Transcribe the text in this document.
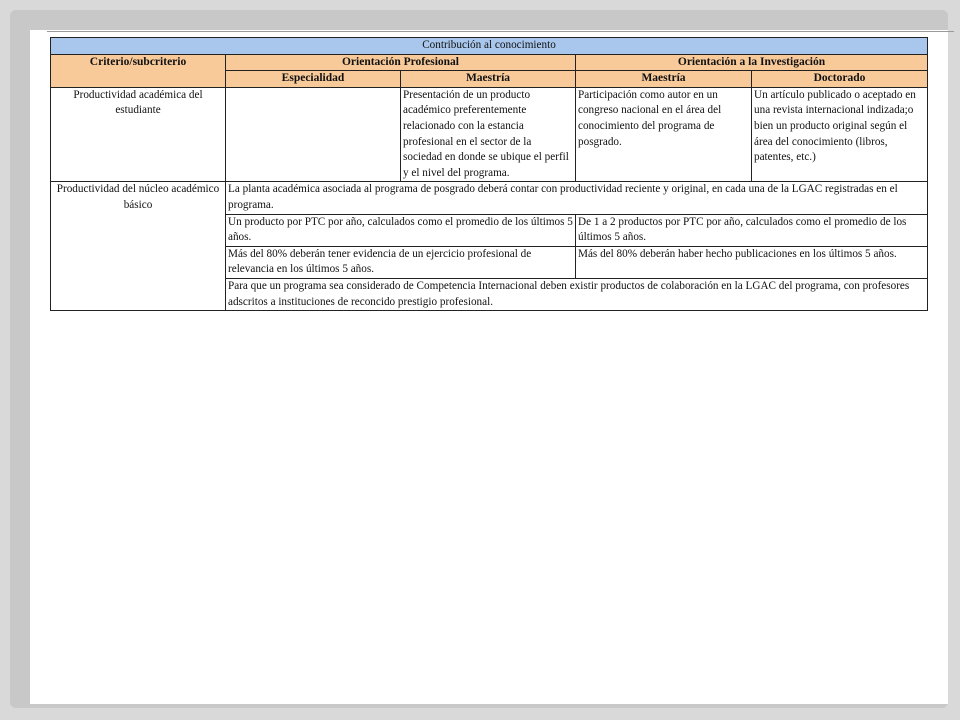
Contribución al conocimiento				
Criterio/subcriterio	Orientación Profesional		Orientación a la Investigación	
	Especialidad	Maestría	Maestría	Doctorado
Productividad académica del estudiante		Presentación de un producto académico preferentemente relacionado con la estancia profesional en el sector de la sociedad en donde se ubique el perfil y el nivel del programa.	Participación como autor en un congreso nacional en el área del conocimiento del programa de posgrado.	Un artículo publicado o aceptado en una revista internacional indizada;o bien un producto original según el área del conocimiento (libros, patentes, etc.)
Productividad del núcleo académico básico	La planta académica asociada al programa de posgrado deberá contar con productividad reciente y original, en cada una de la LGAC registradas en el programa.			
	Un producto por PTC por año, calculados como el promedio de los últimos 5 años.		De 1 a 2 productos por PTC por año, calculados como el promedio de los últimos 5 años.	
	Más del 80% deberán tener evidencia de un ejercicio profesional de relevancia en los últimos 5 años.		Más del 80% deberán haber hecho publicaciones en los últimos 5 años.	
	Para que un programa sea considerado de Competencia Internacional deben existir productos de colaboración en la LGAC del programa, con profesores adscritos a instituciones de reconcido prestigio profesional.			
